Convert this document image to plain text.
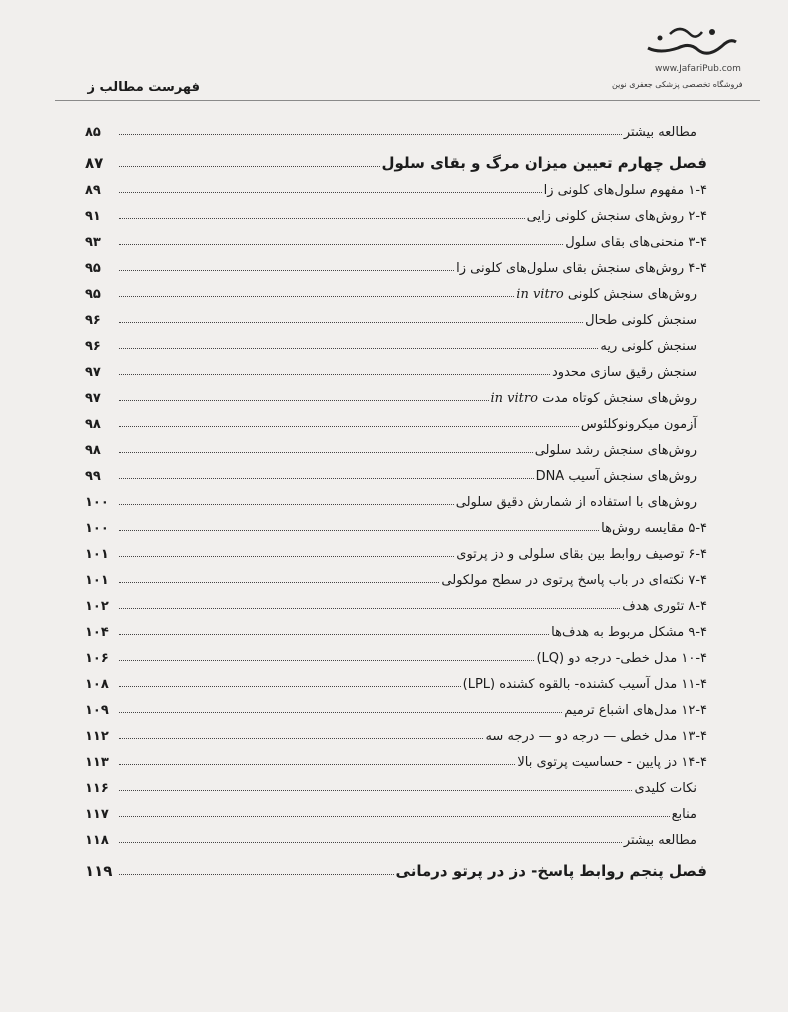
فهرست مطالب ز
www.JafariPub.com
فروشگاه تخصصی پزشکی جعفری نوین
مطالعه بیشتر
۸۵
فصل چهارم تعیین میزان مرگ و بقای سلول
۸۷
۱-۴ مفهوم سلول‌های کلونی زا
۸۹
۲-۴ روش‌های سنجش کلونی زایی
۹۱
۳-۴ منحنی‌های بقای سلول
۹۳
۴-۴ روش‌های سنجش بقای سلول‌های کلونی زا
۹۵
روش‌های سنجش کلونی in vitro
۹۵
سنجش کلونی طحال
۹۶
سنجش کلونی ریه
۹۶
سنجش رقیق سازی محدود
۹۷
روش‌های سنجش کوتاه مدت in vitro
۹۷
آزمون میکرونوکلئوس
۹۸
روش‌های سنجش رشد سلولی
۹۸
روش‌های سنجش آسیب DNA
۹۹
روش‌های با استفاده از شمارش دقیق سلولی
۱۰۰
۵-۴ مقایسه روش‌ها
۱۰۰
۶-۴ توصیف روابط بین بقای سلولی و دز پرتوی
۱۰۱
۷-۴ نکته‌ای در باب پاسخ پرتوی در سطح مولکولی
۱۰۱
۸-۴ تئوری هدف
۱۰۲
۹-۴ مشکل مربوط به هدف‌ها
۱۰۴
۱۰-۴ مدل خطی- درجه دو (LQ)
۱۰۶
۱۱-۴ مدل آسیب کشنده- بالقوه کشنده (LPL)
۱۰۸
۱۲-۴ مدل‌های اشباع ترمیم
۱۰۹
۱۳-۴ مدل خطی — درجه دو — درجه سه
۱۱۲
۱۴-۴ دز پایین - حساسیت پرتوی بالا
۱۱۳
نکات کلیدی
۱۱۶
منابع
۱۱۷
مطالعه بیشتر
۱۱۸
فصل پنجم روابط پاسخ- دز در پرتو درمانی
۱۱۹
